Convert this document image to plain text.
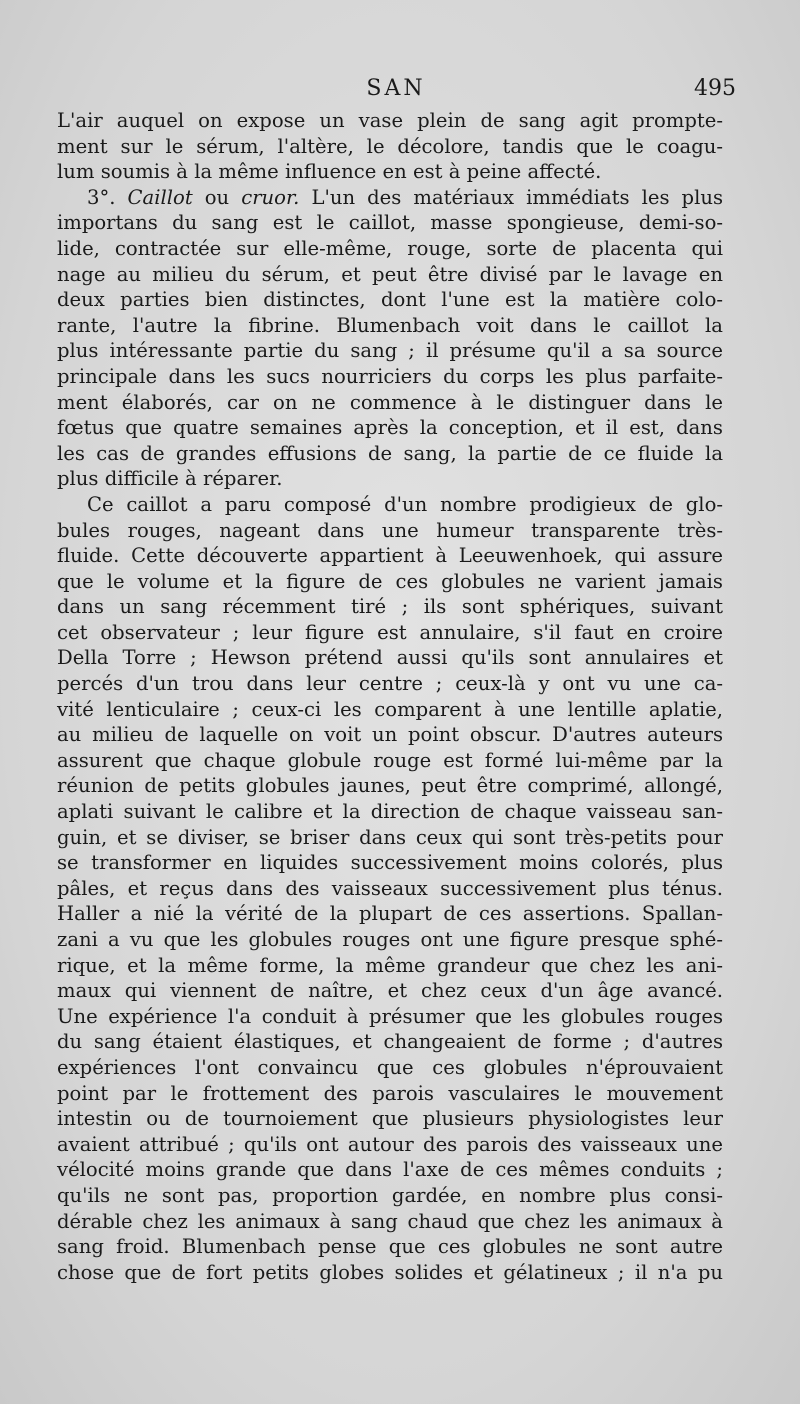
SAN	495
L'air auquel on expose un vase plein de sang agit prompte-
ment sur le sérum, l'altère, le décolore, tandis que le coagu-
lum soumis à la même influence en est à peine affecté.
3°. Caillot ou cruor. L'un des matériaux immédiats les plus
importans du sang est le caillot, masse spongieuse, demi-so-
lide, contractée sur elle-même, rouge, sorte de placenta qui
nage au milieu du sérum, et peut être divisé par le lavage en
deux parties bien distinctes, dont l'une est la matière colo-
rante, l'autre la fibrine. Blumenbach voit dans le caillot la
plus intéressante partie du sang ; il présume qu'il a sa source
principale dans les sucs nourriciers du corps les plus parfaite-
ment élaborés, car on ne commence à le distinguer dans le
fœtus que quatre semaines après la conception, et il est, dans
les cas de grandes effusions de sang, la partie de ce fluide la
plus difficile à réparer.
Ce caillot a paru composé d'un nombre prodigieux de glo-
bules rouges, nageant dans une humeur transparente très-
fluide. Cette découverte appartient à Leeuwenhoek, qui assure
que le volume et la figure de ces globules ne varient jamais
dans un sang récemment tiré ; ils sont sphériques, suivant
cet observateur ; leur figure est annulaire, s'il faut en croire
Della Torre ; Hewson prétend aussi qu'ils sont annulaires et
percés d'un trou dans leur centre ; ceux-là y ont vu une ca-
vité lenticulaire ; ceux-ci les comparent à une lentille aplatie,
au milieu de laquelle on voit un point obscur. D'autres auteurs
assurent que chaque globule rouge est formé lui-même par la
réunion de petits globules jaunes, peut être comprimé, allongé,
aplati suivant le calibre et la direction de chaque vaisseau san-
guin, et se diviser, se briser dans ceux qui sont très-petits pour
se transformer en liquides successivement moins colorés, plus
pâles, et reçus dans des vaisseaux successivement plus ténus.
Haller a nié la vérité de la plupart de ces assertions. Spallan-
zani a vu que les globules rouges ont une figure presque sphé-
rique, et la même forme, la même grandeur que chez les ani-
maux qui viennent de naître, et chez ceux d'un âge avancé.
Une expérience l'a conduit à présumer que les globules rouges
du sang étaient élastiques, et changeaient de forme ; d'autres
expériences l'ont convaincu que ces globules n'éprouvaient
point par le frottement des parois vasculaires le mouvement
intestin ou de tournoiement que plusieurs physiologistes leur
avaient attribué ; qu'ils ont autour des parois des vaisseaux une
vélocité moins grande que dans l'axe de ces mêmes conduits ;
qu'ils ne sont pas, proportion gardée, en nombre plus consi-
dérable chez les animaux à sang chaud que chez les animaux à
sang froid. Blumenbach pense que ces globules ne sont autre
chose que de fort petits globes solides et gélatineux ; il n'a pu
